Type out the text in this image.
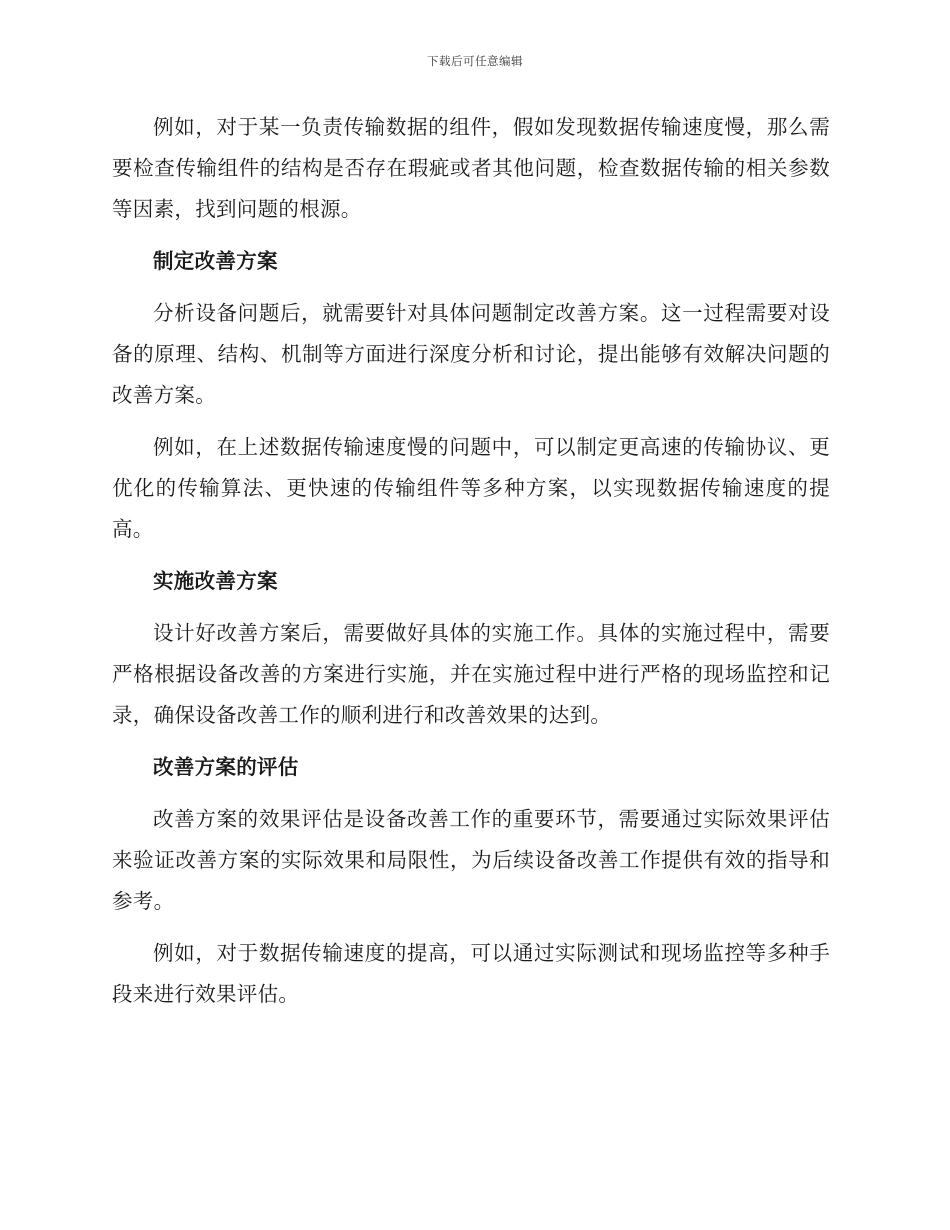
下载后可任意编辑

例如，对于某一负责传输数据的组件，假如发现数据传输速度慢，那么需要检查传输组件的结构是否存在瑕疵或者其他问题，检查数据传输的相关参数等因素，找到问题的根源。

制定改善方案

分析设备问题后，就需要针对具体问题制定改善方案。这一过程需要对设备的原理、结构、机制等方面进行深度分析和讨论，提出能够有效解决问题的改善方案。

例如，在上述数据传输速度慢的问题中，可以制定更高速的传输协议、更优化的传输算法、更快速的传输组件等多种方案，以实现数据传输速度的提高。

实施改善方案

设计好改善方案后，需要做好具体的实施工作。具体的实施过程中，需要严格根据设备改善的方案进行实施，并在实施过程中进行严格的现场监控和记录，确保设备改善工作的顺利进行和改善效果的达到。

改善方案的评估

改善方案的效果评估是设备改善工作的重要环节，需要通过实际效果评估来验证改善方案的实际效果和局限性，为后续设备改善工作提供有效的指导和参考。

例如，对于数据传输速度的提高，可以通过实际测试和现场监控等多种手段来进行效果评估。
